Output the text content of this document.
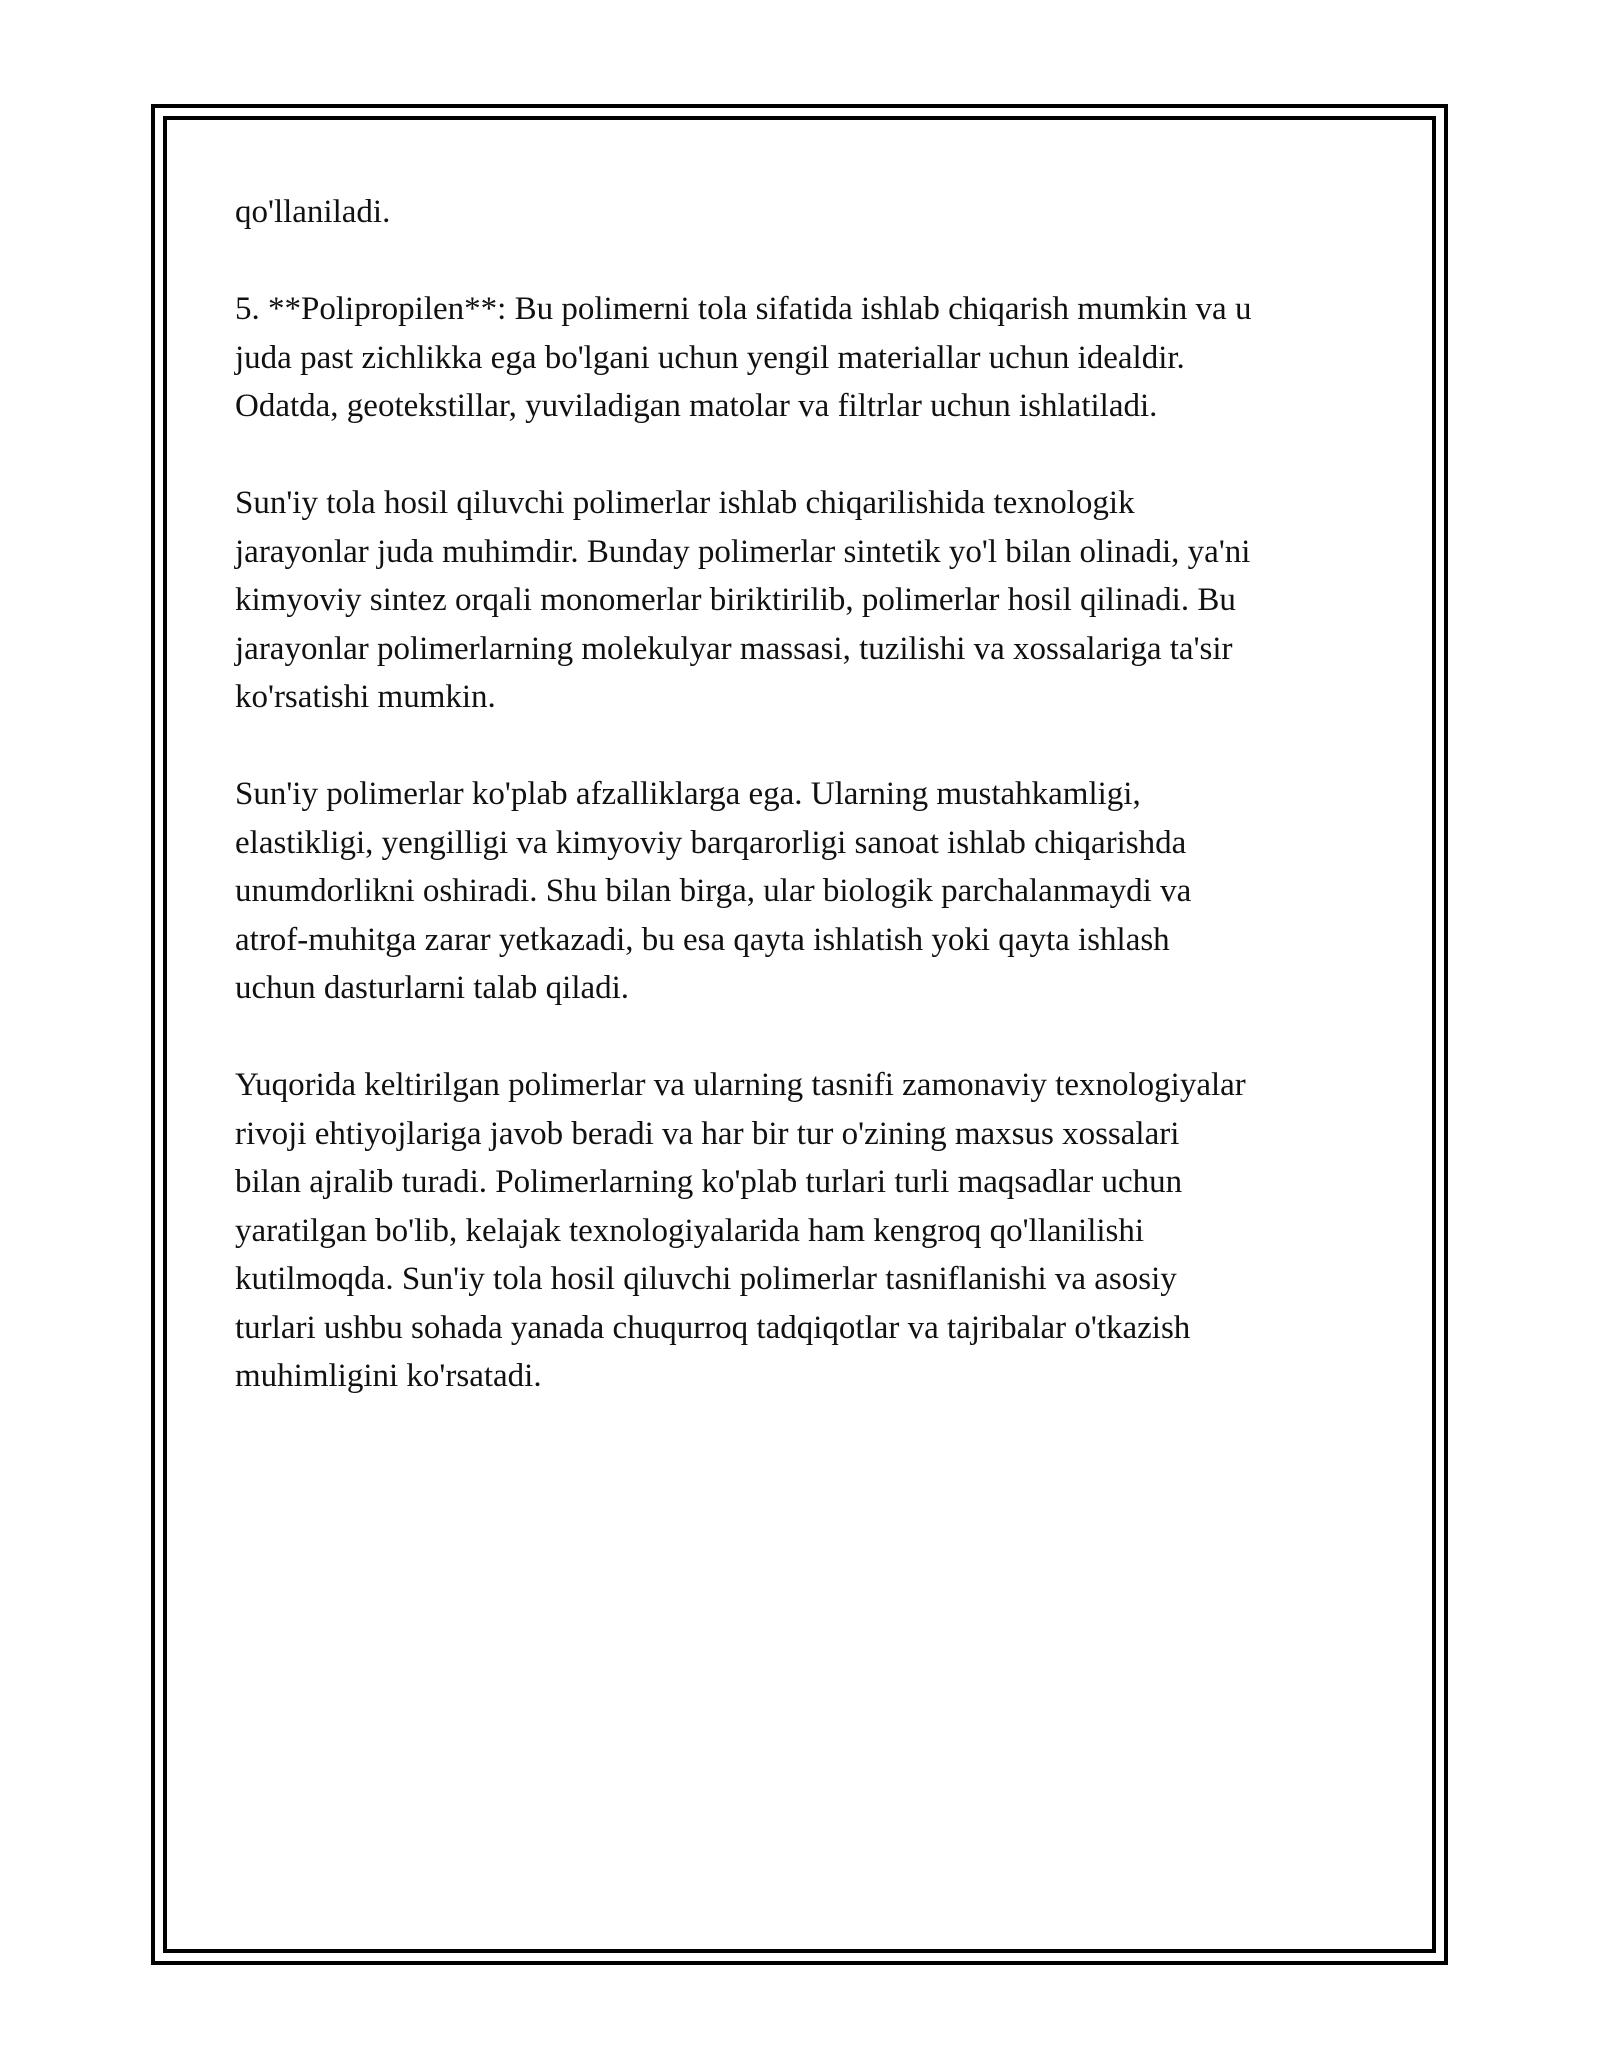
qo'llaniladi.
5. **Polipropilen**: Bu polimerni tola sifatida ishlab chiqarish mumkin va u
juda past zichlikka ega bo'lgani uchun yengil materiallar uchun idealdir.
Odatda, geotekstillar, yuviladigan matolar va filtrlar uchun ishlatiladi.
Sun'iy tola hosil qiluvchi polimerlar ishlab chiqarilishida texnologik
jarayonlar juda muhimdir. Bunday polimerlar sintetik yo'l bilan olinadi, ya'ni
kimyoviy sintez orqali monomerlar biriktirilib, polimerlar hosil qilinadi. Bu
jarayonlar polimerlarning molekulyar massasi, tuzilishi va xossalariga ta'sir
ko'rsatishi mumkin.
Sun'iy polimerlar ko'plab afzalliklarga ega. Ularning mustahkamligi,
elastikligi, yengilligi va kimyoviy barqarorligi sanoat ishlab chiqarishda
unumdorlikni oshiradi. Shu bilan birga, ular biologik parchalanmaydi va
atrof-muhitga zarar yetkazadi, bu esa qayta ishlatish yoki qayta ishlash
uchun dasturlarni talab qiladi.
Yuqorida keltirilgan polimerlar va ularning tasnifi zamonaviy texnologiyalar
rivoji ehtiyojlariga javob beradi va har bir tur o'zining maxsus xossalari
bilan ajralib turadi. Polimerlarning ko'plab turlari turli maqsadlar uchun
yaratilgan bo'lib, kelajak texnologiyalarida ham kengroq qo'llanilishi
kutilmoqda. Sun'iy tola hosil qiluvchi polimerlar tasniflanishi va asosiy
turlari ushbu sohada yanada chuqurroq tadqiqotlar va tajribalar o'tkazish
muhimligini ko'rsatadi.
